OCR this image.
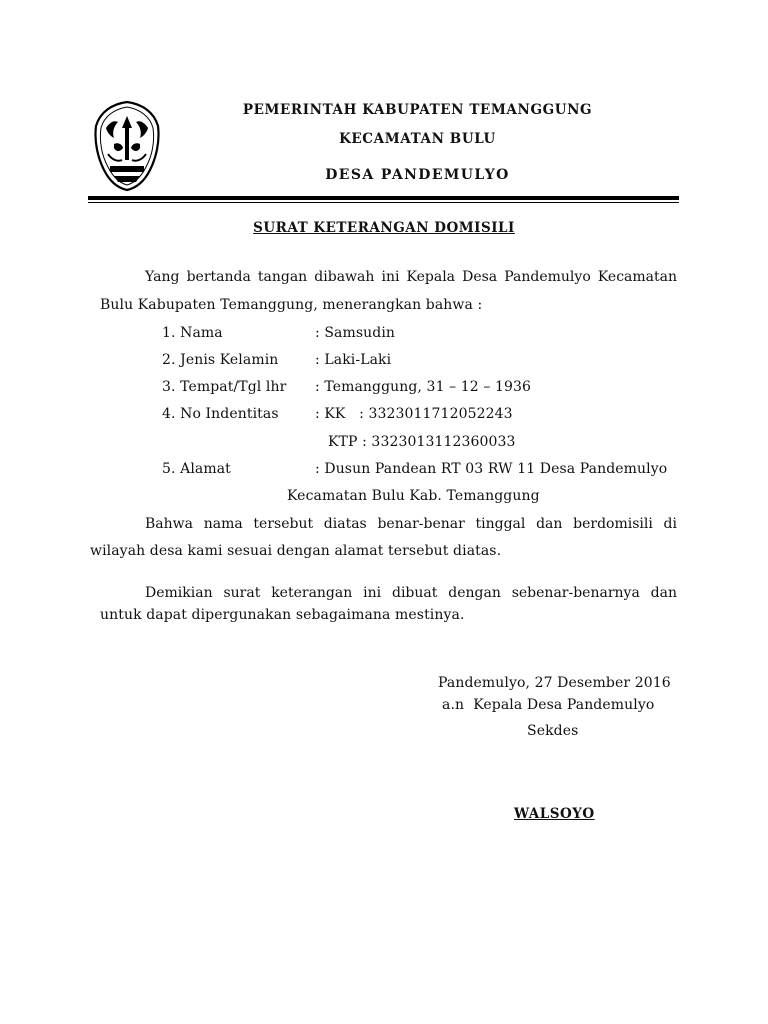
PEMERINTAH KABUPATEN TEMANGGUNG
KECAMATAN BULU
DESA PANDEMULYO
SURAT KETERANGAN DOMISILI
Yang bertanda tangan dibawah ini Kepala Desa Pandemulyo Kecamatan
Bulu Kabupaten Temanggung, menerangkan bahwa :
1. Nama	: Samsudin
2. Jenis Kelamin	: Laki-Laki
3. Tempat/Tgl lhr : Temanggung, 31 – 12 – 1936
4. No Indentitas	: KK   : 3323011712052243
KTP : 3323013112360033
5. Alamat	: Dusun Pandean RT 03 RW 11 Desa Pandemulyo
Kecamatan Bulu Kab. Temanggung
Bahwa nama tersebut diatas benar-benar tinggal dan berdomisili di
wilayah desa kami sesuai dengan alamat tersebut diatas.
Demikian surat keterangan ini dibuat dengan sebenar-benarnya dan
untuk dapat dipergunakan sebagaimana mestinya.
Pandemulyo, 27 Desember 2016
a.n  Kepala Desa Pandemulyo
Sekdes
WALSOYO
